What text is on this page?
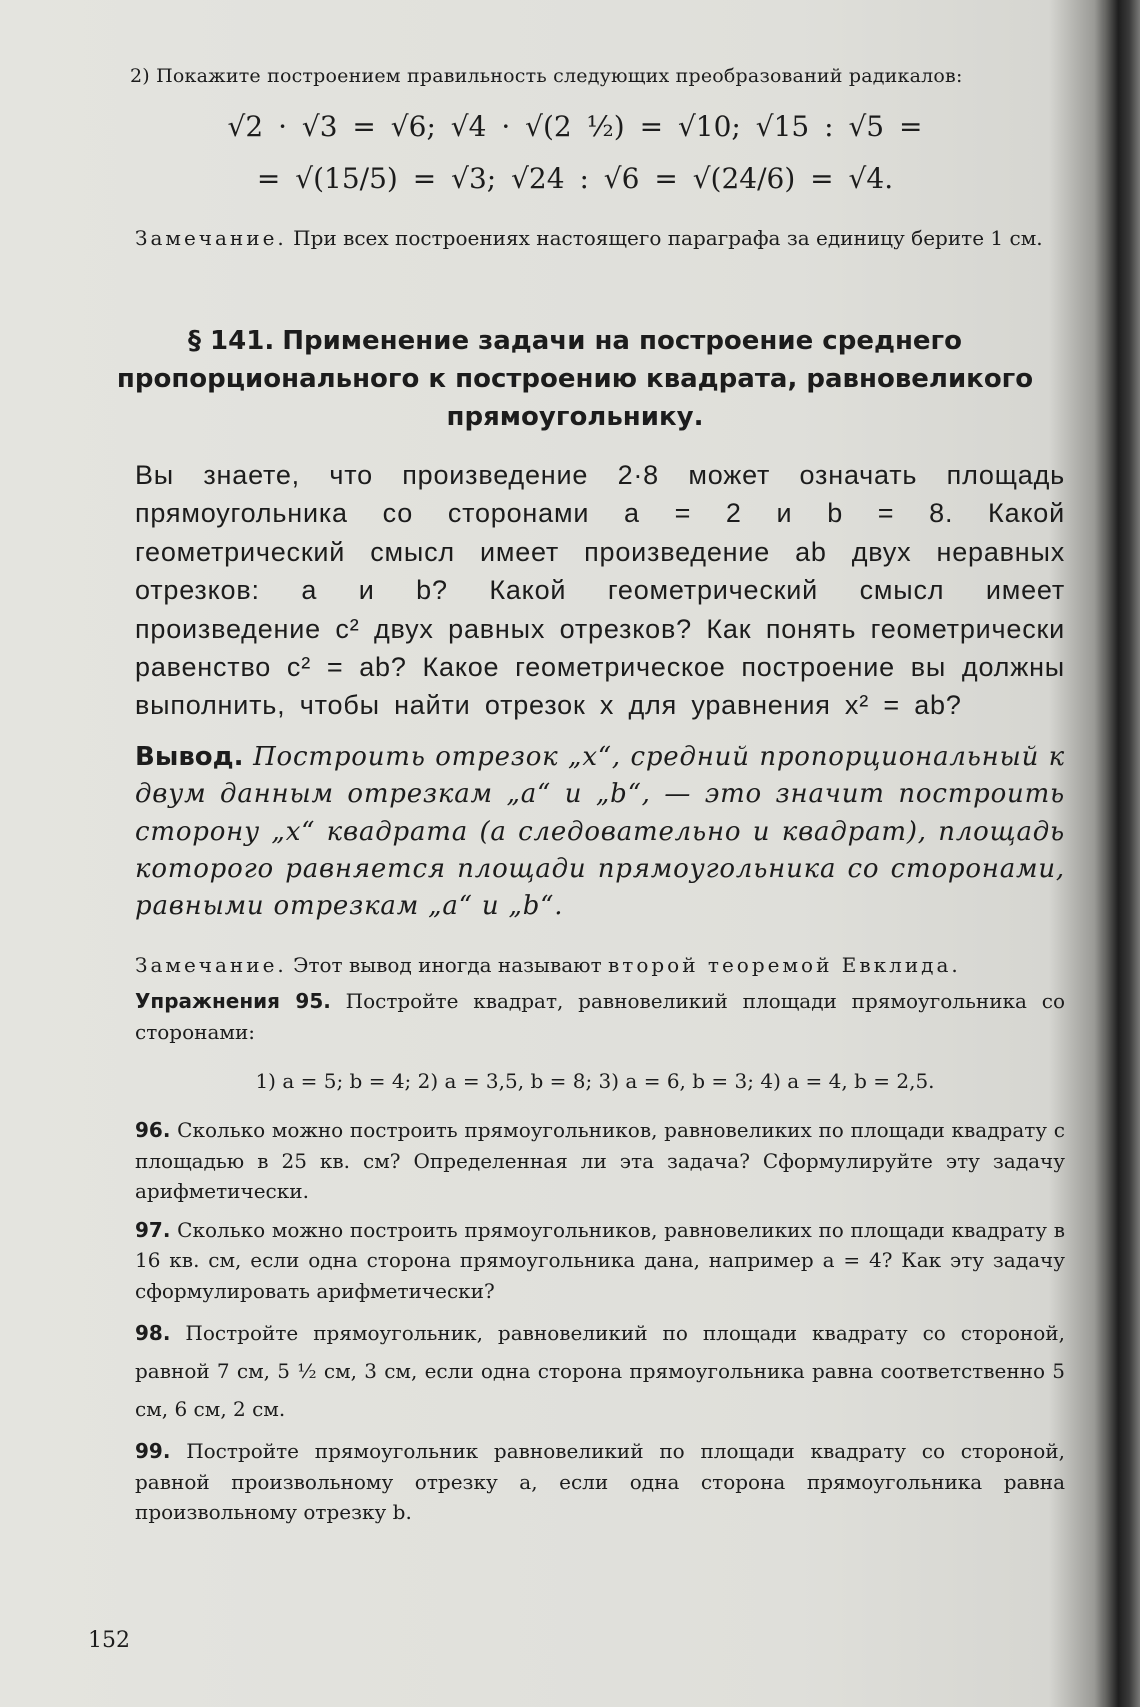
2) Покажите построением правильность следующих преобразований радикалов:
√2 · √3 = √6; √4 · √(2 ½) = √10; √15 : √5 =
= √(15/5) = √3; √24 : √6 = √(24/6) = √4.
Замечание. При всех построениях настоящего параграфа за единицу берите 1 см.
§ 141. Применение задачи на построение среднего пропорционального к построению квадрата, равновеликого прямоугольнику.
Вы знаете, что произведение 2·8 может означать площадь прямоугольника со сторонами a = 2 и b = 8. Какой геометрический смысл имеет произведение ab двух неравных отрезков: a и b? Какой геометрический смысл имеет произведение c² двух равных отрезков? Как понять геометрически равенство c² = ab? Какое геометрическое построение вы должны выполнить, чтобы найти отрезок x для уравнения x² = ab?
Вывод. Построить отрезок „x“, средний пропорциональный к двум данным отрезкам „a“ и „b“, — это значит построить сторону „x“ квадрата (а следовательно и квадрат), площадь которого равняется площади прямоугольника со сторонами, равными отрезкам „a“ и „b“.
Замечание. Этот вывод иногда называют второй теоремой Евклида.
Упражнения 95. Постройте квадрат, равновеликий площади прямоугольника со сторонами:
1) a = 5; b = 4; 2) a = 3,5, b = 8; 3) a = 6, b = 3; 4) a = 4, b = 2,5.
96. Сколько можно построить прямоугольников, равновеликих по площади квадрату с площадью в 25 кв. см? Определенная ли эта задача? Сформулируйте эту задачу арифметически.
97. Сколько можно построить прямоугольников, равновеликих по площади квадрату в 16 кв. см, если одна сторона прямоугольника дана, например a = 4? Как эту задачу сформулировать арифметически?
98. Постройте прямоугольник, равновеликий по площади квадрату со стороной, равной 7 см, 5 ½ см, 3 см, если одна сторона прямоугольника равна соответственно 5 см, 6 см, 2 см.
99. Постройте прямоугольник равновеликий по площади квадрату со стороной, равной произвольному отрезку a, если одна сторона прямоугольника равна произвольному отрезку b.
152
